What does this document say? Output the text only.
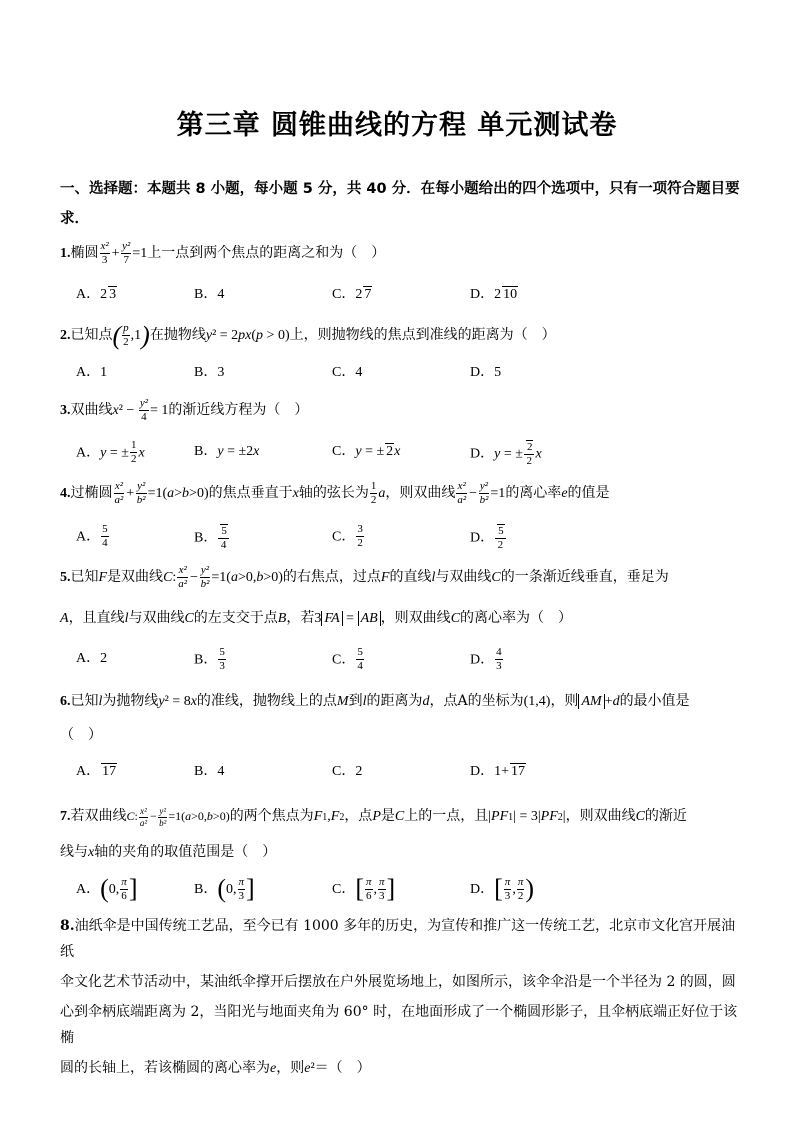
第三章 圆锥曲线的方程 单元测试卷
一、选择题：本题共 8 小题，每小题 5 分，共 40 分．在每小题给出的四个选项中，只有一项符合题目要求．
1.椭圆 $\frac{\text{x²}}{3} + \frac{\text{y²}}{7} =1$上一点到两个焦点的距离之和为（　）
A．2 3	B．4	C．2 7	D．2 10
2.已知点( $\frac{p}{2} ,1$)在抛物线y² = 2px(p > 0)上，则抛物线的焦点到准线的距离为（　）
A．1	B．3	C．4	D．5
3.双曲线$x^2 - \frac{\text{y²}}{4} = 1$的渐近线方程为（　）
A．y = ± $\frac{1}{2}$ x	B．y = ±2x	C．y = ± 2x	D．y = ± $\frac{2}{2}$ x
4.过椭圆 $\frac{\text{x²}}{\text{a²}} + \frac{\text{y²}}{\text{b²}} =1(a>b>0)$的焦点垂直于x轴的弦长为 $\frac{1}{2}$ a，则双曲线 $\frac{\text{x²}}{\text{a²}} - \frac{\text{y²}}{\text{b²}} =1$的离心率e的值是
A． $\frac{5}{4}$	B． $\frac{5}{4}$	C． $\frac{3}{2}$	D． $\frac{5}{2}$
5.已知F是双曲线C: $\frac{\text{x²}}{\text{a²}} - \frac{\text{y²}}{\text{b²}} =1(a>0,b>0)$的右焦点，过点F的直线l与双曲线C的一条渐近线垂直，垂足为
A，且直线l与双曲线C的左支交于点B，若3 FA = AB ，则双曲线C的离心率为（　）
A．2	B． $\frac{5}{3}$	C． $\frac{5}{4}$	D． $\frac{4}{3}$
6.已知l为抛物线y² = 8x的准线，抛物线上的点M到l的距离为d，点A的坐标为(1,4)，则 AM +d的最小值是
（　）
A． 17	B．4	C．2	D．1+ 17
7.若双曲线C: $\frac{\text{x²}}{\text{a²}} - \frac{\text{y²}}{\text{b²}} =1(a>0,b>0)$的两个焦点为F1,F2，点P是C上的一点，且|PF1| = 3|PF2|，则双曲线C的渐近
线与x轴的夹角的取值范围是（　）
A．(0, $\frac{\pi}{6}$ ]	B．(0, $\frac{\pi}{3}$ ]	C．[ $\frac{\pi}{6}$ , $\frac{\pi}{3}$ ]	D．[ $\frac{\pi}{3}$ , $\frac{\pi}{2}$ )
8.油纸伞是中国传统工艺品，至今已有 1000 多年的历史，为宣传和推广这一传统工艺，北京市文化宫开展油纸
伞文化艺术节活动中，某油纸伞撑开后摆放在户外展览场地上，如图所示，该伞伞沿是一个半径为 2 的圆，圆
心到伞柄底端距离为 2，当阳光与地面夹角为 60° 时，在地面形成了一个椭圆形影子，且伞柄底端正好位于该椭
圆的长轴上，若该椭圆的离心率为e，则e²＝（　）
